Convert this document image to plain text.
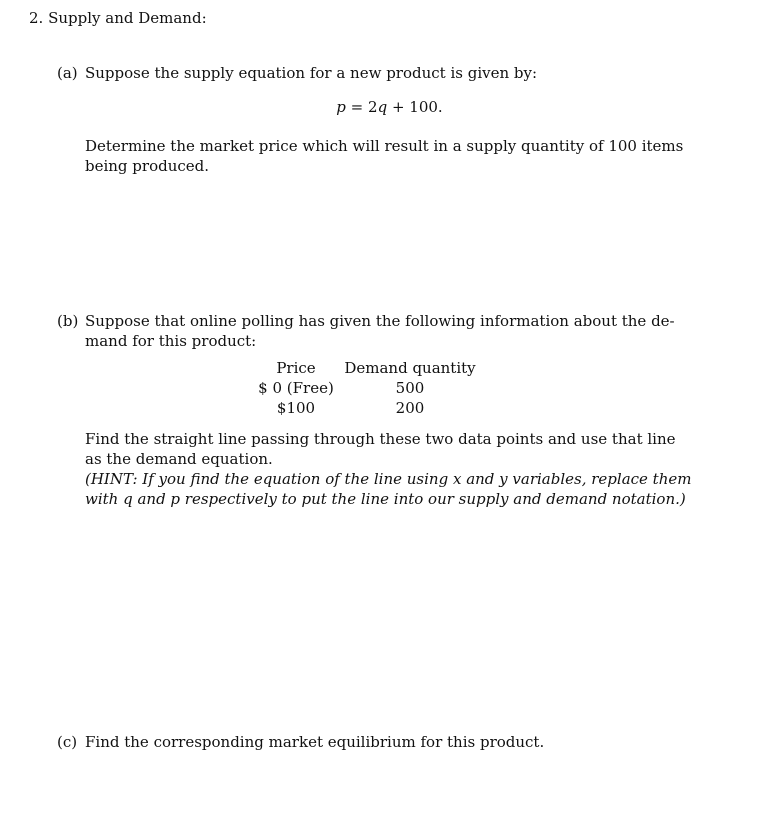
2. Supply and Demand:
(a) Suppose the supply equation for a new product is given by:
p = 2q + 100.
Determine the market price which will result in a supply quantity of 100 items
being produced.
(b) Suppose that online polling has given the following information about the de-
mand for this product:
Price	Demand quantity
$ 0 (Free)	500
$100	200
Find the straight line passing through these two data points and use that line
as the demand equation.
(HINT: If you find the equation of the line using x and y variables, replace them
with q and p respectively to put the line into our supply and demand notation.)
(c) Find the corresponding market equilibrium for this product.
